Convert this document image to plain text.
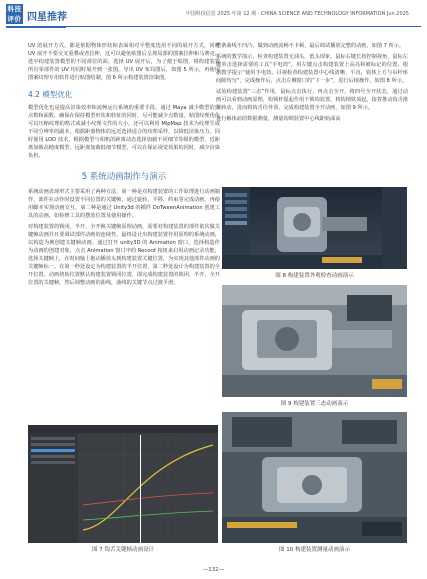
科技
评价 四星推荐	中国科技信息 2025 年第 12 期 · CHINA SCIENCE AND TECHNOLOGY INFORMATION Jun.2025

UV 的展开方式。都是依据物体形状和表面相对平整度选用不同的展开方式，同时 UV 展开不要交叉重叠或者拉伸，这可以避免贴图后呈现局部的图案拉伸和马赛克。选中构建装置模型的不同部位的面，选择 UV 展开后，为了便于贴图，将构建装置所有零部件的 UV 均同时展开到一张图，导出 UV 布局图后，如图 5 所示，再使用图案纹理专用软件进行贴图绘制，图 6 所示构建装置渲染图。

4.2 模型优化

模型优化也是提高渲染效率和流畅运行系统的重要手段。通过 Maya 减少模型的顶点数和面数，确保在保持模型形状和特征的同时，尽可能减少点数量。贴图纹理优化可以压缩纹理的格式或减小纹理文件的大小。还可以利用 MipMap 技术为纹理生成不同分辨率的副本，根据距离物体的远近选择适合的纹理采样，以降低渲染压力。同时使用 LOD 技术，根据模型与相机的距离动态选择加载不同细节等级的模型，近距离加载高精度模型，远距离加载低细节模型，可以在保证视觉效果的同时，减少渲染负担。

5 系统动画制作与演示

系统动画表现形式主要采用了两种方法，第一种是对构建装置的工作原理进行动画制作，部件在动作时设置不同位置的关键帧，通过旋转、平移，约束等完成动画，再使用脚本实现动画交互。第二种是通过 Unity3d 的插件 DoTweenAnimation 创建工具的动画，如检修工具的摆放位置及使用操作。

对构建装置的锁闭、半开、全开换关键帧原理动画，需要对构建装置的部件依次做关键帧动画并且要调试部件动画的连续性。最终设计出构建装置作用原理的系统动画，以构造为例创建关键帧动画。通过打开 unity3D 的 Animation 窗口，选择构造作为动画的创建对象，点击 Animation 窗口中的 Record 按钮来启用动画记录功能，选择关键帧上，在时间轴上拖动播放头到构建装置关键位置，为实现其他部件动画的关键帧标一。在第一秒处设定为构建装置的半开位置，第二秒处设计为构建装置的全开位置。动画初始位置默认构建装置锁闭位置，即完成构建装置的锁闭、半开、全开位置的关键帧，然后调整动画的曲线，曲线的关键节点过渡平滑，

整条曲线不凹凸，做到动画流畅不卡顿，最后调试播放完整的动画，如图 7 所示。

系统的教学演示，检查构建装置无油头、低头现象，鼠标右键长按控制视角，鼠标左键单击选择需要的工具“手电筒”，用左键点击构建装置上高亮和被标记的位置，根据教学提示“使用手电筒，目视检查构建装置中心线清晰、平直，钩体上方与吊杆座间隙均匀”，完成操作后，点击左侧窗口的“下一步”，进行后续操作，如图 8 所示。

试验构建装置“三态”作用，鼠标点击执行，再点击全开，将四号全开状态，通过动画可以看到动画原理，钩锁杆提起作用下锁钩装置，将钩锁铁顶起，接着推动钩舌推块转动，进而将钩舌往外顶，完成构建装置全开动画，如图 9 所示。

进行解体前的数据测量，测量钩锁装置中心线距轨面高

图 8 构建装置外观检查动画演示
图 9 构建装置三态动画演示
图 7 钩舌关键帧动画设计	图 10 构建装置测量动画演示
—132—
